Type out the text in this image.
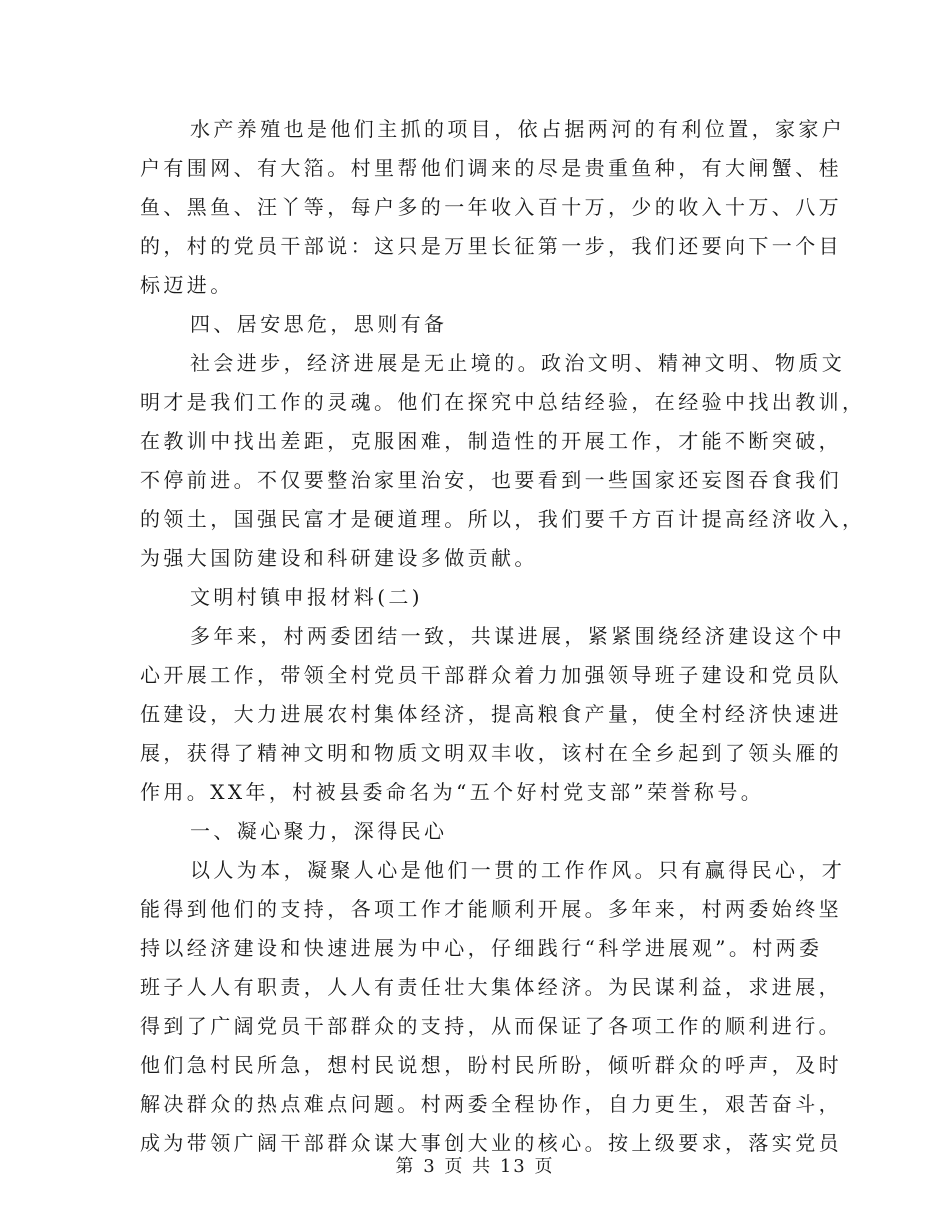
水产养殖也是他们主抓的项目，依占据两河的有利位置，家家户
户有围网、有大箔。村里帮他们调来的尽是贵重鱼种，有大闸蟹、桂
鱼、黑鱼、汪丫等，每户多的一年收入百十万，少的收入十万、八万
的，村的党员干部说：这只是万里长征第一步，我们还要向下一个目
标迈进。
四、居安思危，思则有备
社会进步，经济进展是无止境的。政治文明、精神文明、物质文
明才是我们工作的灵魂。他们在探究中总结经验，在经验中找出教训，
在教训中找出差距，克服困难，制造性的开展工作，才能不断突破，
不停前进。不仅要整治家里治安，也要看到一些国家还妄图吞食我们
的领土，国强民富才是硬道理。所以，我们要千方百计提高经济收入，
为强大国防建设和科研建设多做贡献。
文明村镇申报材料(二)
多年来，村两委团结一致，共谋进展，紧紧围绕经济建设这个中
心开展工作，带领全村党员干部群众着力加强领导班子建设和党员队
伍建设，大力进展农村集体经济，提高粮食产量，使全村经济快速进
展，获得了精神文明和物质文明双丰收，该村在全乡起到了领头雁的
作用。XX年，村被县委命名为“五个好村党支部”荣誉称号。
一、凝心聚力，深得民心
以人为本，凝聚人心是他们一贯的工作作风。只有赢得民心，才
能得到他们的支持，各项工作才能顺利开展。多年来，村两委始终坚
持以经济建设和快速进展为中心，仔细践行“科学进展观”。村两委
班子人人有职责，人人有责任壮大集体经济。为民谋利益，求进展，
得到了广阔党员干部群众的支持，从而保证了各项工作的顺利进行。
他们急村民所急，想村民说想，盼村民所盼，倾听群众的呼声，及时
解决群众的热点难点问题。村两委全程协作，自力更生，艰苦奋斗，
成为带领广阔干部群众谋大事创大业的核心。按上级要求，落实党员
第 3 页 共 13 页
